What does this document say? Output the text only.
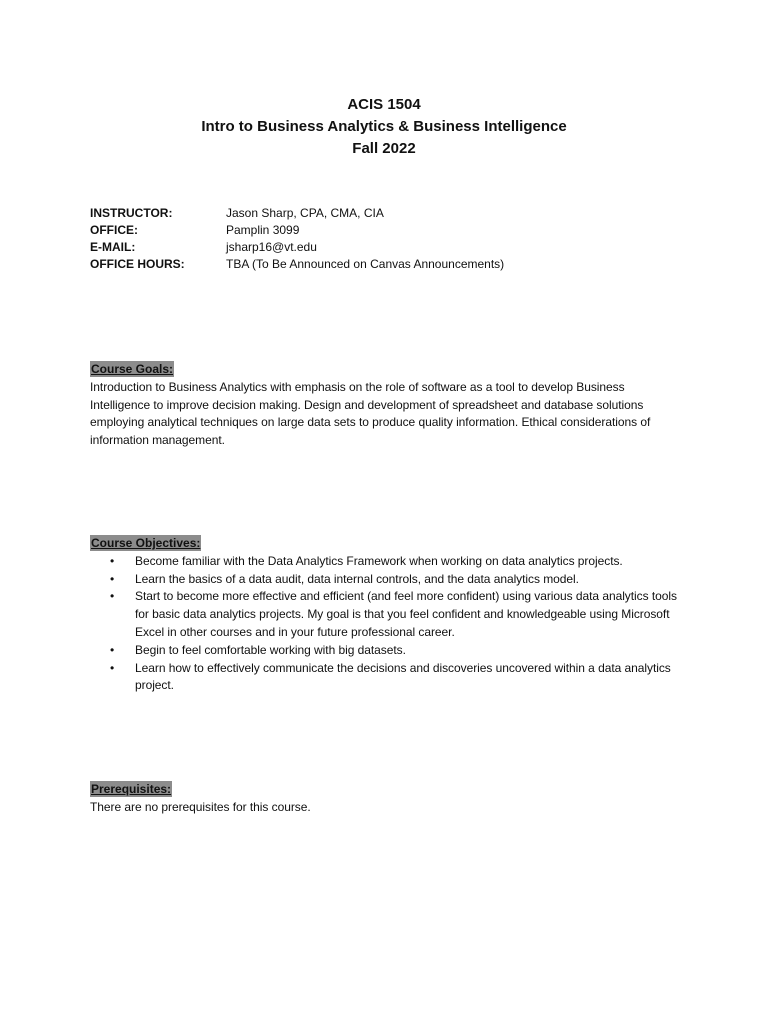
ACIS 1504
Intro to Business Analytics & Business Intelligence
Fall 2022
INSTRUCTOR:	Jason Sharp, CPA, CMA, CIA
OFFICE:	Pamplin 3099
E-MAIL:	jsharp16@vt.edu
OFFICE HOURS:	TBA (To Be Announced on Canvas Announcements)
Course Goals:

Introduction to Business Analytics with emphasis on the role of software as a tool to develop Business Intelligence to improve decision making. Design and development of spreadsheet and database solutions employing analytical techniques on large data sets to produce quality information. Ethical considerations of information management.

Course Objectives:
• Become familiar with the Data Analytics Framework when working on data analytics projects.
• Learn the basics of a data audit, data internal controls, and the data analytics model.
• Start to become more effective and efficient (and feel more confident) using various data analytics tools for basic data analytics projects. My goal is that you feel confident and knowledgeable using Microsoft Excel in other courses and in your future professional career.
• Begin to feel comfortable working with big datasets.
• Learn how to effectively communicate the decisions and discoveries uncovered within a data analytics project.
Prerequisites:

There are no prerequisites for this course.
